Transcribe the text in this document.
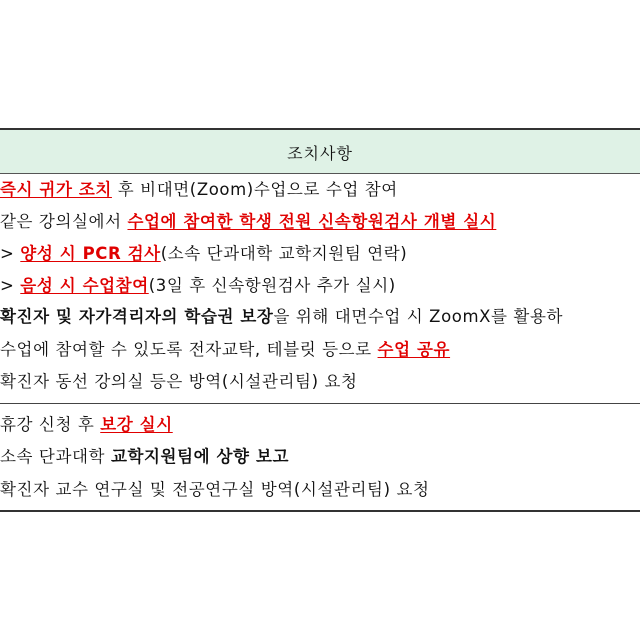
조치사항
즉시 귀가 조치 후 비대면(Zoom)수업으로 수업 참여
같은 강의실에서 수업에 참여한 학생 전원 신속항원검사 개별 실시
> 양성 시 PCR 검사(소속 단과대학 교학지원팀 연락)
> 음성 시 수업참여(3일 후 신속항원검사 추가 실시)
확진자 및 자가격리자의 학습권 보장을 위해 대면수업 시 ZoomX를 활용하
수업에 참여할 수 있도록 전자교탁, 테블릿 등으로 수업 공유
확진자 동선 강의실 등은 방역(시설관리팀) 요청
휴강 신청 후 보강 실시
소속 단과대학 교학지원팀에 상향 보고
확진자 교수 연구실 및 전공연구실 방역(시설관리팀) 요청
